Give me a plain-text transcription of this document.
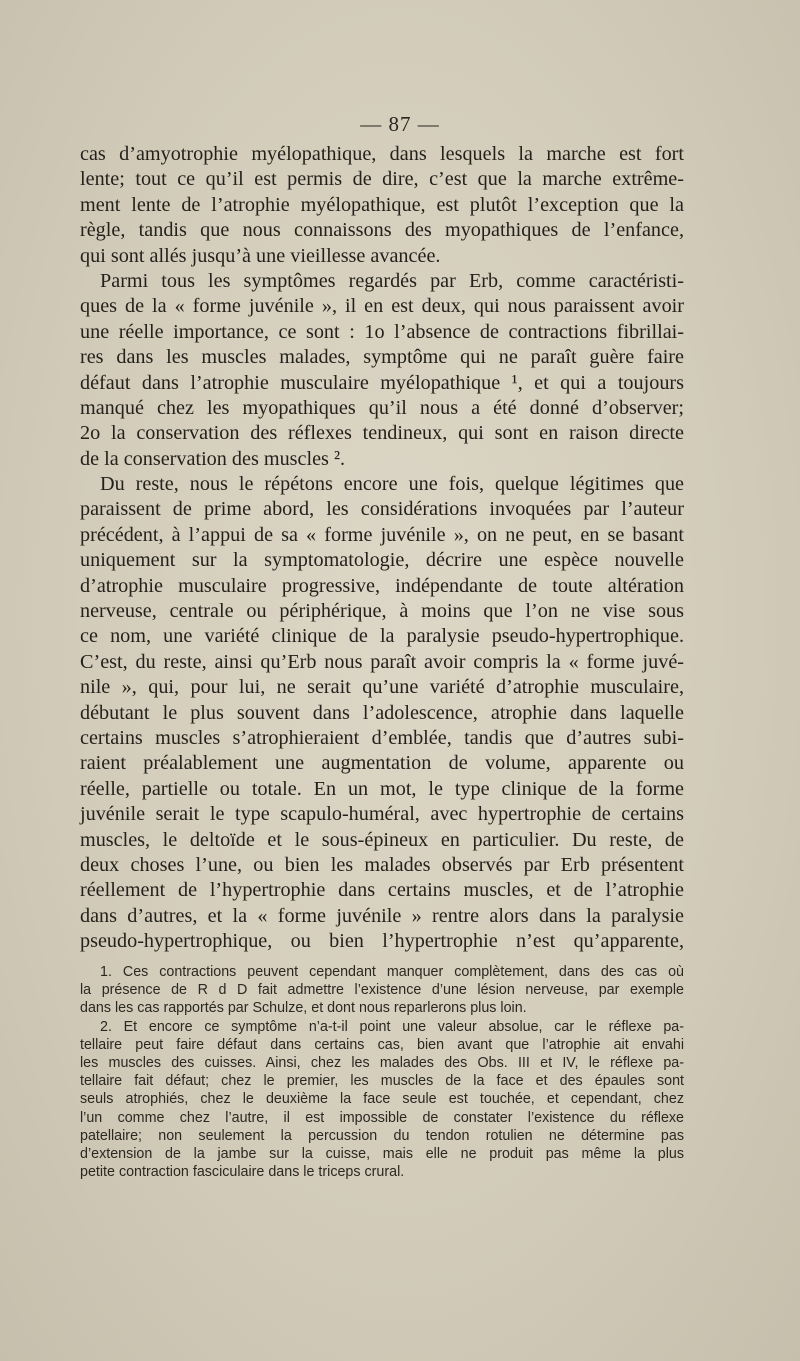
— 87 —
cas d’amyotrophie myélopathique, dans lesquels la marche est fort
lente; tout ce qu’il est permis de dire, c’est que la marche extrême-
ment lente de l’atrophie myélopathique, est plutôt l’exception que la
règle, tandis que nous connaissons des myopathiques de l’enfance,
qui sont allés jusqu’à une vieillesse avancée.
Parmi tous les symptômes regardés par Erb, comme caractéristi-
ques de la « forme juvénile », il en est deux, qui nous paraissent avoir
une réelle importance, ce sont : 1o l’absence de contractions fibrillai-
res dans les muscles malades, symptôme qui ne paraît guère faire
défaut dans l’atrophie musculaire myélopathique ¹, et qui a toujours
manqué chez les myopathiques qu’il nous a été donné d’observer;
2o la conservation des réflexes tendineux, qui sont en raison directe
de la conservation des muscles ².
Du reste, nous le répétons encore une fois, quelque légitimes que
paraissent de prime abord, les considérations invoquées par l’auteur
précédent, à l’appui de sa « forme juvénile », on ne peut, en se basant
uniquement sur la symptomatologie, décrire une espèce nouvelle
d’atrophie musculaire progressive, indépendante de toute altération
nerveuse, centrale ou périphérique, à moins que l’on ne vise sous
ce nom, une variété clinique de la paralysie pseudo-hypertrophique.
C’est, du reste, ainsi qu’Erb nous paraît avoir compris la « forme juvé-
nile », qui, pour lui, ne serait qu’une variété d’atrophie musculaire,
débutant le plus souvent dans l’adolescence, atrophie dans laquelle
certains muscles s’atrophieraient d’emblée, tandis que d’autres subi-
raient préalablement une augmentation de volume, apparente ou
réelle, partielle ou totale. En un mot, le type clinique de la forme
juvénile serait le type scapulo-huméral, avec hypertrophie de certains
muscles, le deltoïde et le sous-épineux en particulier. Du reste, de
deux choses l’une, ou bien les malades observés par Erb présentent
réellement de l’hypertrophie dans certains muscles, et de l’atrophie
dans d’autres, et la « forme juvénile » rentre alors dans la paralysie
pseudo-hypertrophique, ou bien l’hypertrophie n’est qu’apparente,
1. Ces contractions peuvent cependant manquer complètement, dans des cas où
la présence de R d D fait admettre l’existence d’une lésion nerveuse, par exemple
dans les cas rapportés par Schulze, et dont nous reparlerons plus loin.
2. Et encore ce symptôme n’a-t-il point une valeur absolue, car le réflexe pa-
tellaire peut faire défaut dans certains cas, bien avant que l’atrophie ait envahi
les muscles des cuisses. Ainsi, chez les malades des Obs. III et IV, le réflexe pa-
tellaire fait défaut; chez le premier, les muscles de la face et des épaules sont
seuls atrophiés, chez le deuxième la face seule est touchée, et cependant, chez
l’un comme chez l’autre, il est impossible de constater l’existence du réflexe
patellaire; non seulement la percussion du tendon rotulien ne détermine pas
d’extension de la jambe sur la cuisse, mais elle ne produit pas même la plus
petite contraction fasciculaire dans le triceps crural.
